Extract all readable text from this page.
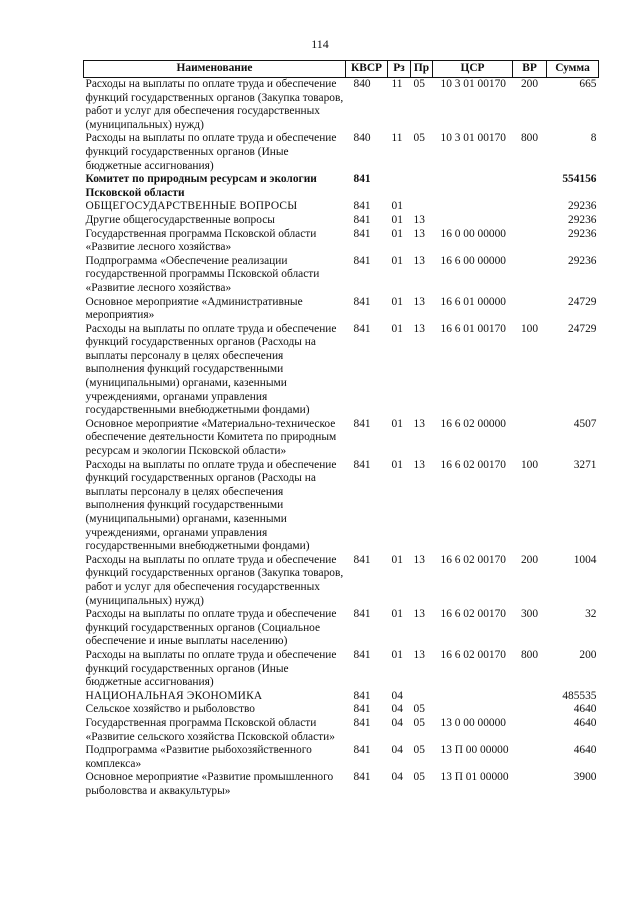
114
Наименование	КВСР	Рз	Пр	ЦСР	ВР	Сумма
Расходы на выплаты по оплате труда и обеспечение функций государственных органов (Закупка товаров, работ и услуг для обеспечения государственных (муниципальных) нужд)	840	11	05	10 3 01 00170	200	665
Расходы на выплаты по оплате труда и обеспечение функций государственных органов (Иные бюджетные ассигнования)	840	11	05	10 3 01 00170	800	8
Комитет по природным ресурсам и экологии Псковской области	841					554156
ОБЩЕГОСУДАРСТВЕННЫЕ ВОПРОСЫ	841	01				29236
Другие общегосударственные вопросы	841	01	13			29236
Государственная программа Псковской области «Развитие лесного хозяйства»	841	01	13	16 0 00 00000		29236
Подпрограмма «Обеспечение реализации государственной программы Псковской области «Развитие лесного хозяйства»	841	01	13	16 6 00 00000		29236
Основное мероприятие «Административные мероприятия»	841	01	13	16 6 01 00000		24729
Расходы на выплаты по оплате труда и обеспечение функций государственных органов (Расходы на выплаты персоналу в целях обеспечения выполнения функций государственными (муниципальными) органами, казенными учреждениями, органами управления государственными внебюджетными фондами)	841	01	13	16 6 01 00170	100	24729
Основное мероприятие «Материально-техническое обеспечение деятельности Комитета по природным ресурсам и экологии Псковской области»	841	01	13	16 6 02 00000		4507
Расходы на выплаты по оплате труда и обеспечение функций государственных органов (Расходы на выплаты персоналу в целях обеспечения выполнения функций государственными (муниципальными) органами, казенными учреждениями, органами управления государственными внебюджетными фондами)	841	01	13	16 6 02 00170	100	3271
Расходы на выплаты по оплате труда и обеспечение функций государственных органов (Закупка товаров, работ и услуг для обеспечения государственных (муниципальных) нужд)	841	01	13	16 6 02 00170	200	1004
Расходы на выплаты по оплате труда и обеспечение функций государственных органов (Социальное обеспечение и иные выплаты населению)	841	01	13	16 6 02 00170	300	32
Расходы на выплаты по оплате труда и обеспечение функций государственных органов (Иные бюджетные ассигнования)	841	01	13	16 6 02 00170	800	200
НАЦИОНАЛЬНАЯ ЭКОНОМИКА	841	04				485535
Сельское хозяйство и рыболовство	841	04	05			4640
Государственная программа Псковской области «Развитие сельского хозяйства Псковской области»	841	04	05	13 0 00 00000		4640
Подпрограмма «Развитие рыбохозяйственного комплекса»	841	04	05	13 П 00 00000		4640
Основное мероприятие «Развитие промышленного рыболовства и аквакультуры»	841	04	05	13 П 01 00000		3900
